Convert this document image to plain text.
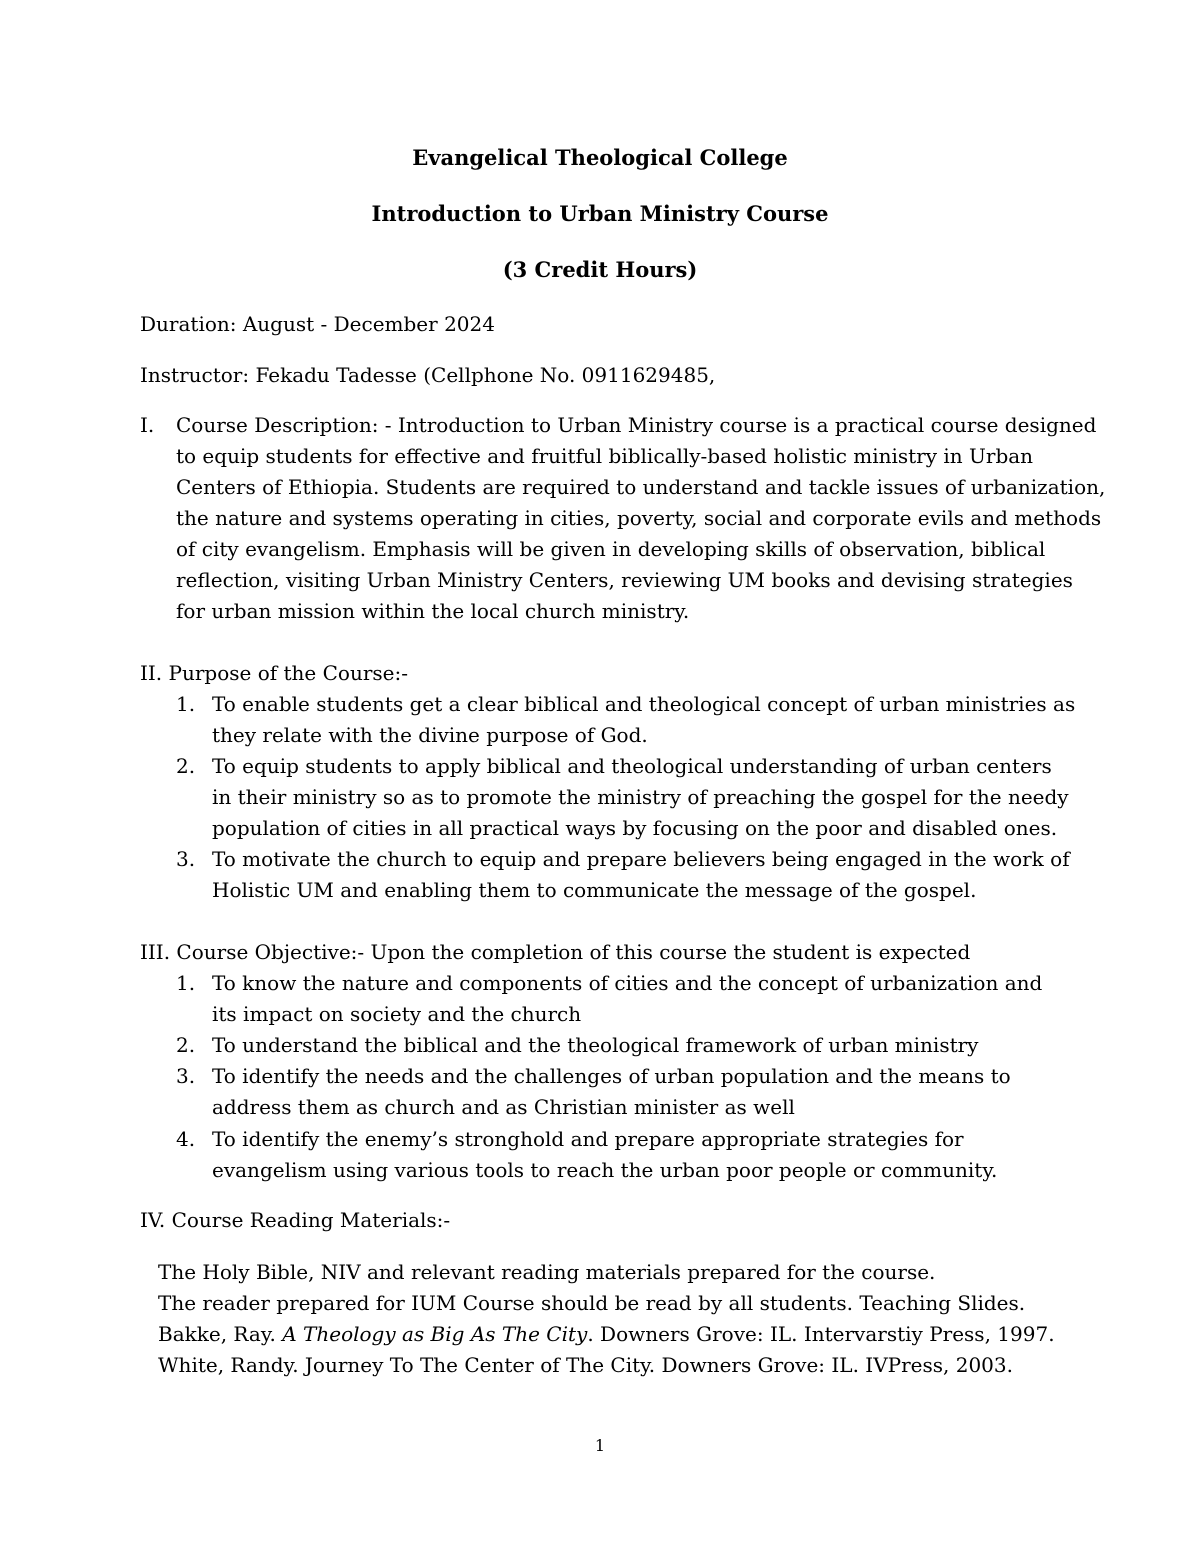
Evangelical Theological College
Introduction to Urban Ministry Course
(3 Credit Hours)
Duration: August - December 2024
Instructor: Fekadu Tadesse (Cellphone No. 0911629485,
I. Course Description: - Introduction to Urban Ministry course is a practical course designed
to equip students for effective and fruitful biblically-based holistic ministry in Urban
Centers of Ethiopia. Students are required to understand and tackle issues of urbanization,
the nature and systems operating in cities, poverty, social and corporate evils and methods
of city evangelism. Emphasis will be given in developing skills of observation, biblical
reflection, visiting Urban Ministry Centers, reviewing UM books and devising strategies
for urban mission within the local church ministry.
II. Purpose of the Course:-
1. To enable students get a clear biblical and theological concept of urban ministries as
they relate with the divine purpose of God.
2. To equip students to apply biblical and theological understanding of urban centers
in their ministry so as to promote the ministry of preaching the gospel for the needy
population of cities in all practical ways by focusing on the poor and disabled ones.
3. To motivate the church to equip and prepare believers being engaged in the work of
Holistic UM and enabling them to communicate the message of the gospel.
III. Course Objective:- Upon the completion of this course the student is expected
1. To know the nature and components of cities and the concept of urbanization and
its impact on society and the church
2. To understand the biblical and the theological framework of urban ministry
3. To identify the needs and the challenges of urban population and the means to
address them as church and as Christian minister as well
4. To identify the enemy’s stronghold and prepare appropriate strategies for
evangelism using various tools to reach the urban poor people or community.
IV. Course Reading Materials:-
The Holy Bible, NIV and relevant reading materials prepared for the course.
The reader prepared for IUM Course should be read by all students. Teaching Slides.
Bakke, Ray. A Theology as Big As The City. Downers Grove: IL. Intervarstiy Press, 1997.
White, Randy. Journey To The Center of The City. Downers Grove: IL. IVPress, 2003.
1
